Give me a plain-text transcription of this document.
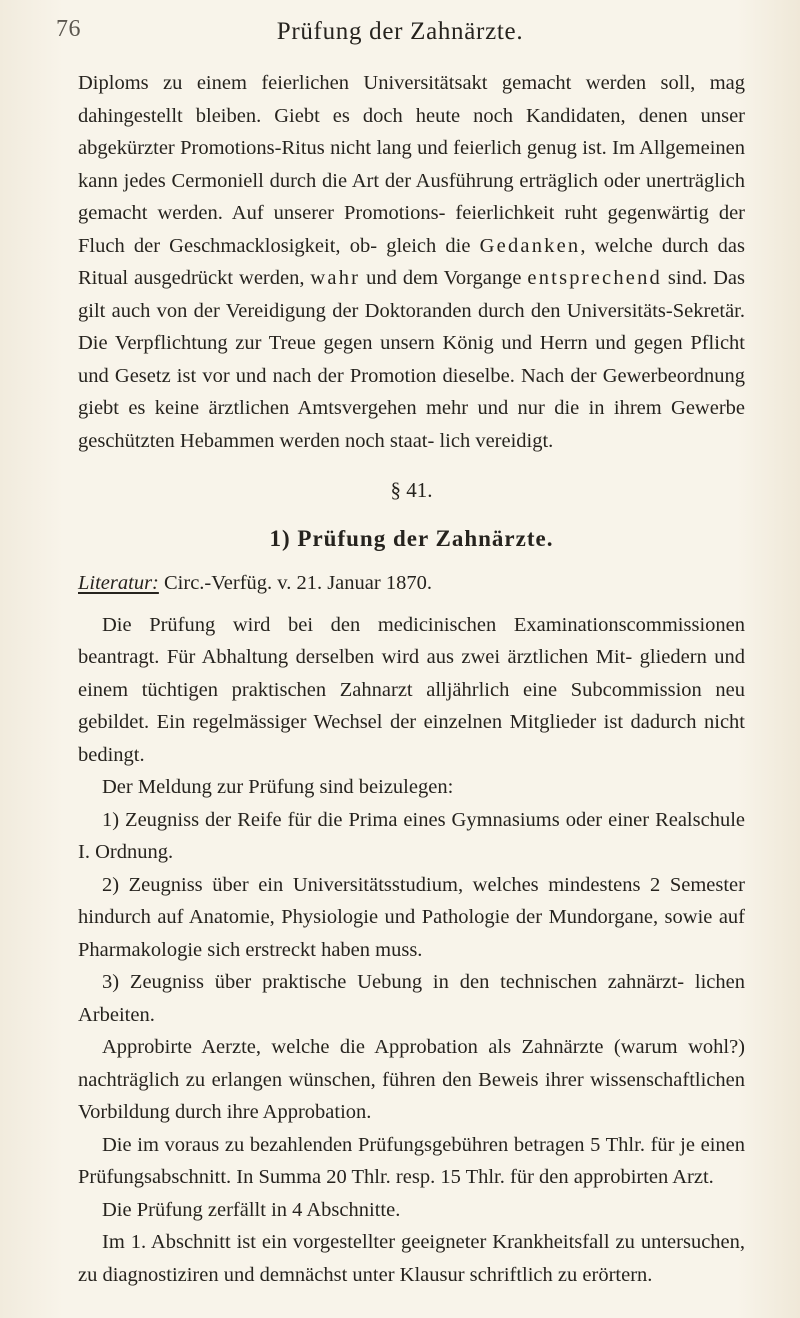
76	Prüfung der Zahnärzte.

Diploms zu einem feierlichen Universitätsakt gemacht werden soll, mag dahingestellt bleiben. Giebt es doch heute noch Kandidaten, denen unser abgekürzter Promotions-Ritus nicht lang und feierlich genug ist. Im Allgemeinen kann jedes Cermoniell durch die Art der Ausführung erträglich oder unerträglich gemacht werden. Auf unserer Promotions- feierlichkeit ruht gegenwärtig der Fluch der Geschmacklosigkeit, ob- gleich die Gedanken, welche durch das Ritual ausgedrückt werden, wahr und dem Vorgange entsprechend sind. Das gilt auch von der Vereidigung der Doktoranden durch den Universitäts-Sekretär. Die Verpflichtung zur Treue gegen unsern König und Herrn und gegen Pflicht und Gesetz ist vor und nach der Promotion dieselbe. Nach der Gewerbeordnung giebt es keine ärztlichen Amtsvergehen mehr und nur die in ihrem Gewerbe geschützten Hebammen werden noch staat- lich vereidigt.

§ 41.
1) Prüfung der Zahnärzte.

Literatur: Circ.-Verfüg. v. 21. Januar 1870.

Die Prüfung wird bei den medicinischen Examinationscommissionen beantragt. Für Abhaltung derselben wird aus zwei ärztlichen Mit- gliedern und einem tüchtigen praktischen Zahnarzt alljährlich eine Subcommission neu gebildet. Ein regelmässiger Wechsel der einzelnen Mitglieder ist dadurch nicht bedingt.

Der Meldung zur Prüfung sind beizulegen:

1) Zeugniss der Reife für die Prima eines Gymnasiums oder einer Realschule I. Ordnung.

2) Zeugniss über ein Universitätsstudium, welches mindestens 2 Semester hindurch auf Anatomie, Physiologie und Pathologie der Mundorgane, sowie auf Pharmakologie sich erstreckt haben muss.

3) Zeugniss über praktische Uebung in den technischen zahnärzt- lichen Arbeiten.

Approbirte Aerzte, welche die Approbation als Zahnärzte (warum wohl?) nachträglich zu erlangen wünschen, führen den Beweis ihrer wissenschaftlichen Vorbildung durch ihre Approbation.

Die im voraus zu bezahlenden Prüfungsgebühren betragen 5 Thlr. für je einen Prüfungsabschnitt. In Summa 20 Thlr. resp. 15 Thlr. für den approbirten Arzt.

Die Prüfung zerfällt in 4 Abschnitte.

Im 1. Abschnitt ist ein vorgestellter geeigneter Krankheitsfall zu untersuchen, zu diagnostiziren und demnächst unter Klausur schriftlich zu erörtern.
